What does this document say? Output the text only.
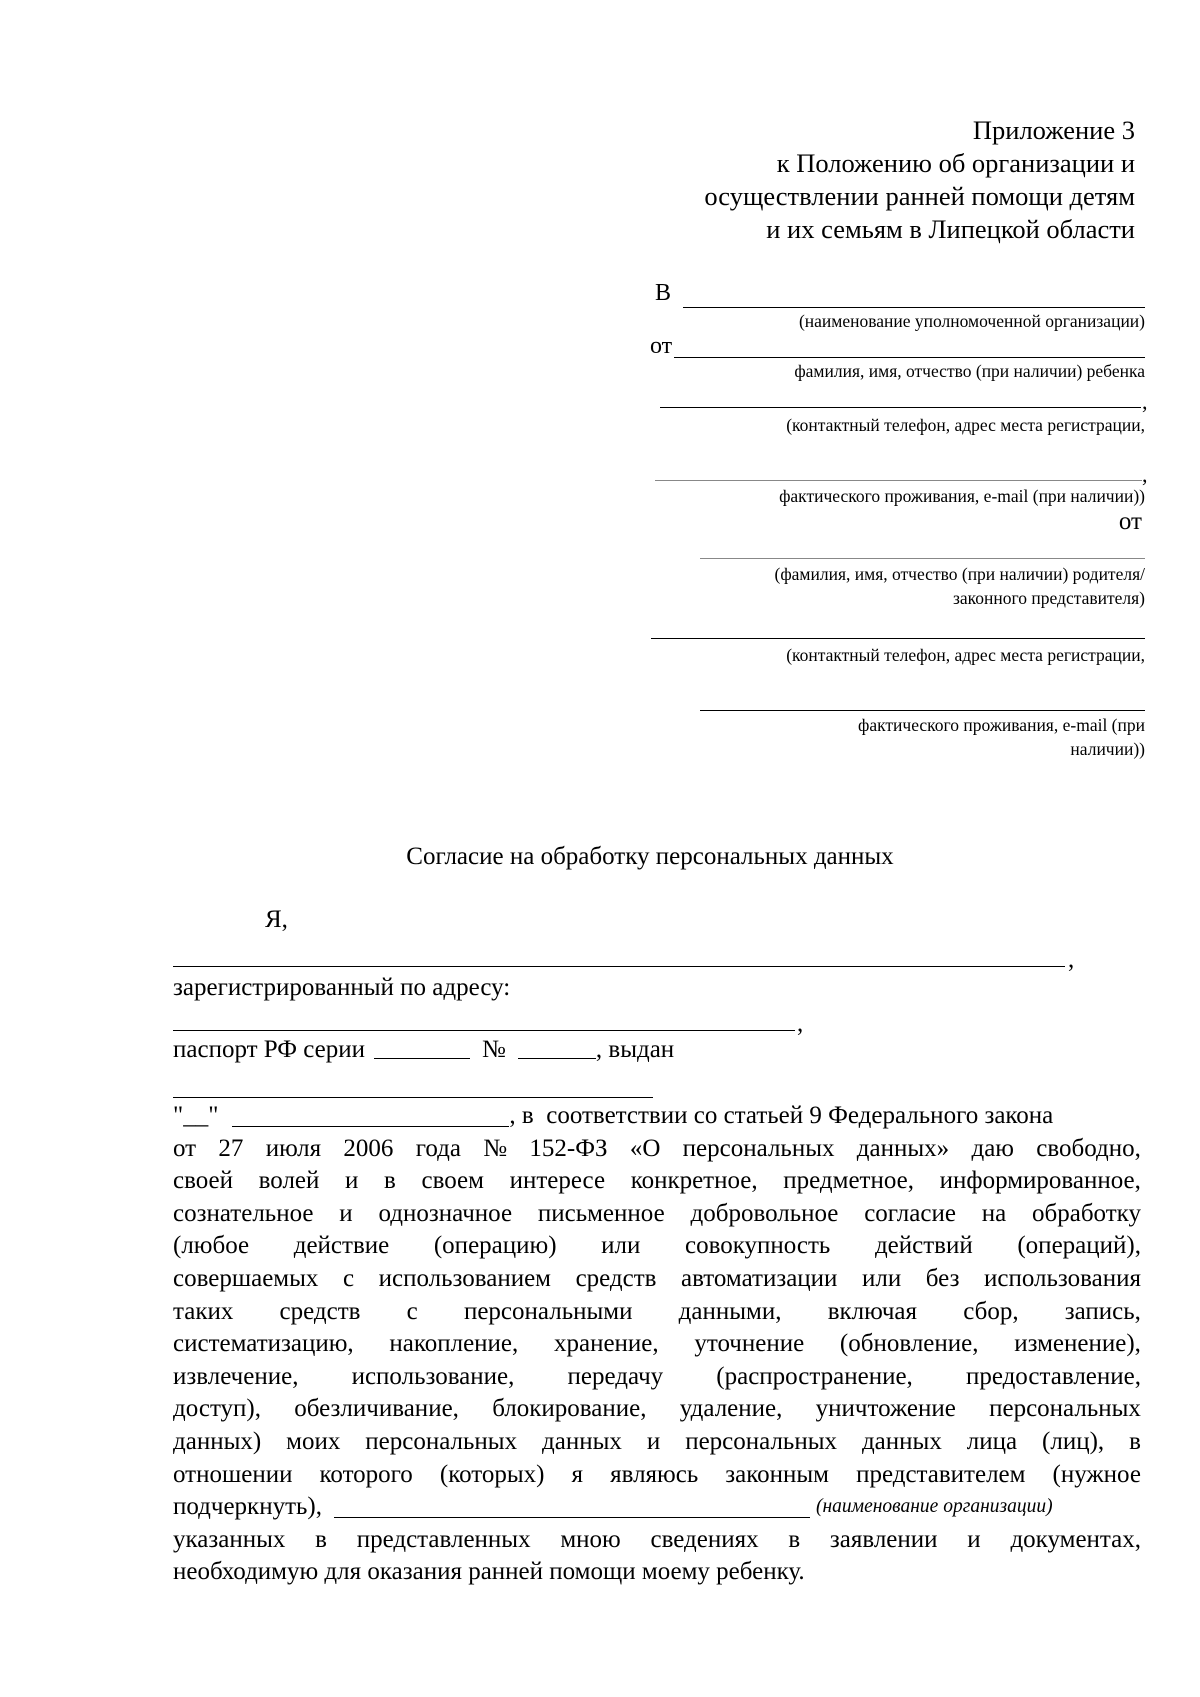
Приложение 3
к Положению об организации и
осуществлении ранней помощи детям
и их семьям в Липецкой области
В
(наименование уполномоченной организации)
от
фамилия, имя, отчество (при наличии) ребенка
,
(контактный телефон, адрес места регистрации,
,
фактического проживания, e-mail (при наличии))
от
(фамилия, имя, отчество (при наличии) родителя/
законного представителя)
(контактный телефон, адрес места регистрации,
фактического проживания, e-mail (при
наличии))
Согласие на обработку персональных данных
Я,
,
зарегистрированный по адресу:
,
паспорт РФ серии	№	, выдан
"__"	, в  соответствии со статьей 9 Федерального закона
от 27 июля 2006 года № 152-ФЗ «О персональных данных» даю свободно,
своей волей и в своем интересе конкретное, предметное, информированное,
сознательное и однозначное письменное добровольное согласие на обработку
(любое действие (операцию) или совокупность действий (операций),
совершаемых с использованием средств автоматизации или без использования
таких средств с персональными данными, включая сбор, запись,
систематизацию, накопление, хранение, уточнение (обновление, изменение),
извлечение, использование, передачу (распространение, предоставление,
доступ), обезличивание, блокирование, удаление, уничтожение персональных
данных) моих персональных данных и персональных данных лица (лиц), в
отношении которого (которых) я являюсь законным представителем (нужное
подчеркнуть),	(наименование организации)
указанных в представленных мною сведениях в заявлении и документах,
необходимую для оказания ранней помощи моему ребенку.
